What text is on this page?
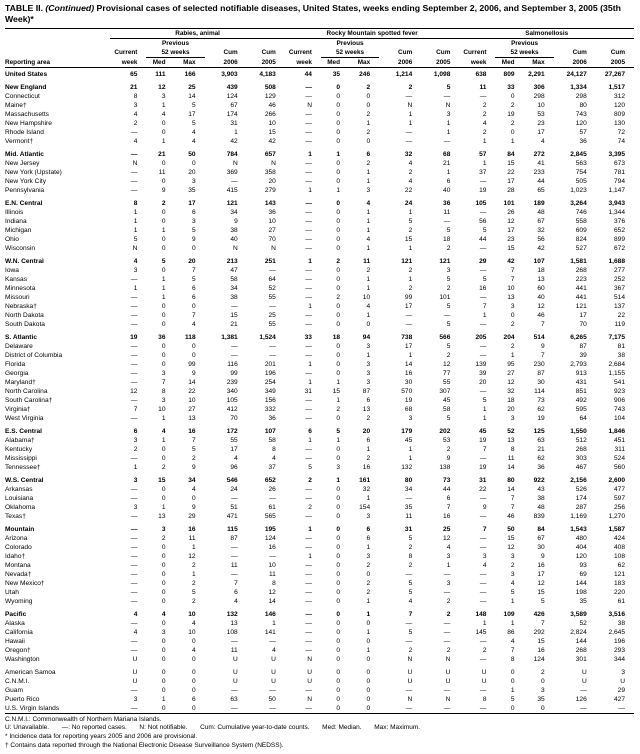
TABLE II. (Continued) Provisional cases of selected notifiable diseases, United States, weeks ending September 2, 2006, and September 3, 2005 (35th Week)*
	Rabies, animal					Rocky Mountain spotted fever					Salmonellosis				
		Previous					Previous					Previous			
	Current	52 weeks		Cum	Cum	Current	52 weeks		Cum	Cum	Current	52 weeks		Cum	Cum
Reporting area	week	Med	Max	2006	2005	week	Med	Max	2006	2005	week	Med	Max	2006	2005
United States	65	111	166	3,903	4,183	44	35	246	1,214	1,098	638	809	2,291	24,127	27,267
New England	21	12	25	439	508	—	0	2	2	5	11	33	306	1,334	1,517
Connecticut	8	3	14	124	129	—	0	0	—	—	—	0	298	298	312
Maine†	3	1	5	67	46	N	0	0	N	N	2	2	10	80	120
Massachusetts	4	4	17	174	266	—	0	2	1	3	2	19	53	743	809
New Hampshire	2	0	5	31	10	—	0	1	1	1	4	2	23	120	130
Rhode Island	—	0	4	1	15	—	0	2	—	1	2	0	17	57	72
Vermont†	4	1	4	42	42	—	0	0	—	—	1	1	4	36	74
Mid. Atlantic	—	21	50	784	657	1	1	6	32	68	57	84	272	2,845	3,395
New Jersey	N	0	0	N	N	—	0	2	4	21	1	15	41	563	673
New York (Upstate)	—	11	20	369	358	—	0	1	2	1	37	22	233	754	781
New York City	—	0	3	—	20	—	0	1	4	6	—	17	44	505	794
Pennsylvania	—	9	35	415	279	1	1	3	22	40	19	28	65	1,023	1,147
E.N. Central	8	2	17	121	143	—	0	4	24	36	105	101	189	3,264	3,943
Illinois	1	0	6	34	36	—	0	1	1	11	—	26	48	746	1,344
Indiana	1	0	3	9	10	—	0	1	5	—	56	12	67	558	376
Michigan	1	1	5	38	27	—	0	1	2	5	5	17	32	609	652
Ohio	5	0	9	40	70	—	0	4	15	18	44	23	56	824	899
Wisconsin	N	0	0	N	N	—	0	1	1	2	—	15	42	527	672
W.N. Central	4	5	20	213	251	1	2	11	121	121	29	42	107	1,581	1,688
Iowa	3	0	7	47	—	—	0	2	2	3	—	7	18	268	277
Kansas	—	1	5	58	64	—	0	1	1	5	5	7	13	223	252
Minnesota	1	1	6	34	52	—	0	1	2	2	16	10	60	441	367
Missouri	—	1	6	38	55	—	2	10	99	101	—	13	40	441	514
Nebraska†	—	0	0	—	—	1	0	4	17	5	7	3	12	121	137
North Dakota	—	0	7	15	25	—	0	1	—	—	1	0	46	17	22
South Dakota	—	0	4	21	55	—	0	0	—	5	—	2	7	70	119
S. Atlantic	19	36	118	1,381	1,524	33	18	94	738	566	205	204	514	6,265	7,175
Delaware	—	0	0	—	—	—	0	3	17	5	—	2	9	87	81
District of Columbia	—	0	0	—	—	—	0	1	1	2	—	1	7	39	38
Florida	—	0	99	116	201	1	0	3	14	12	139	95	230	2,793	2,684
Georgia	—	3	9	99	196	—	0	3	16	77	39	27	87	913	1,155
Maryland†	—	7	14	239	254	1	1	3	30	55	20	12	30	431	541
North Carolina	12	8	22	340	349	31	15	87	570	307	—	32	114	851	923
South Carolina†	—	3	10	105	156	—	1	6	19	45	5	18	73	492	906
Virginia†	7	10	27	412	332	—	2	13	68	58	1	20	62	595	743
West Virginia	—	1	13	70	36	—	0	2	3	5	1	3	19	64	104
E.S. Central	6	4	16	172	107	6	5	20	179	202	45	52	125	1,550	1,846
Alabama†	3	1	7	55	58	1	1	6	45	53	19	13	63	512	451
Kentucky	2	0	5	17	8	—	0	1	1	2	7	8	21	268	311
Mississippi	—	0	2	4	4	—	0	2	1	9	—	11	62	303	524
Tennessee†	1	2	9	96	37	5	3	16	132	138	19	14	36	467	560
W.S. Central	3	15	34	546	652	2	1	161	80	73	31	80	922	2,156	2,600
Arkansas	—	0	4	24	26	—	0	32	34	44	22	14	43	526	477
Louisiana	—	0	0	—	—	—	0	1	—	6	—	7	38	174	597
Oklahoma	3	1	9	51	61	2	0	154	35	7	9	7	48	287	256
Texas†	—	13	29	471	565	—	0	3	11	16	—	46	839	1,169	1,270
Mountain	—	3	16	115	195	1	0	6	31	25	7	50	84	1,543	1,587
Arizona	—	2	11	87	124	—	0	6	5	12	—	15	67	480	424
Colorado	—	0	1	—	16	—	0	1	2	4	—	12	30	404	408
Idaho†	—	0	12	—	—	1	0	3	8	3	3	3	9	120	108
Montana	—	0	2	11	10	—	0	2	2	1	4	2	16	93	62
Nevada†	—	0	1	—	11	—	0	0	—	—	—	3	17	69	121
New Mexico†	—	0	2	7	8	—	0	2	5	3	—	4	12	144	183
Utah	—	0	5	6	12	—	0	2	5	—	—	5	15	198	220
Wyoming	—	0	2	4	14	—	0	1	4	2	—	1	5	35	61
Pacific	4	4	10	132	146	—	0	1	7	2	148	109	426	3,589	3,516
Alaska	—	0	4	13	1	—	0	0	—	—	1	1	7	52	38
California	4	3	10	108	141	—	0	1	5	—	145	86	292	2,824	2,645
Hawaii	—	0	0	—	—	—	0	0	—	—	—	4	15	144	196
Oregon†	—	0	4	11	4	—	0	1	2	2	2	7	16	268	293
Washington	U	0	0	U	U	N	0	0	N	N	—	8	124	301	344
American Samoa	U	0	0	U	U	U	0	0	U	U	U	0	2	U	3
C.N.M.I.	U	0	0	U	U	U	0	0	U	U	U	0	0	U	U
Guam	—	0	0	—	—	—	0	0	—	—	—	1	3	—	29
Puerto Rico	3	1	6	63	50	N	0	0	N	N	8	5	35	126	427
U.S. Virgin Islands	—	0	0	—	—	—	0	0	—	—	—	0	0	—	—
C.N.M.I.: Commonwealth of Northern Mariana Islands.
U: Unavailable.       —: No reported cases.       N: Not notifiable.       Cum: Cumulative year-to-date counts.       Med: Median.       Max: Maximum.
* Incidence data for reporting years 2005 and 2006 are provisional.
† Contains data reported through the National Electronic Disease Surveillance System (NEDSS).
